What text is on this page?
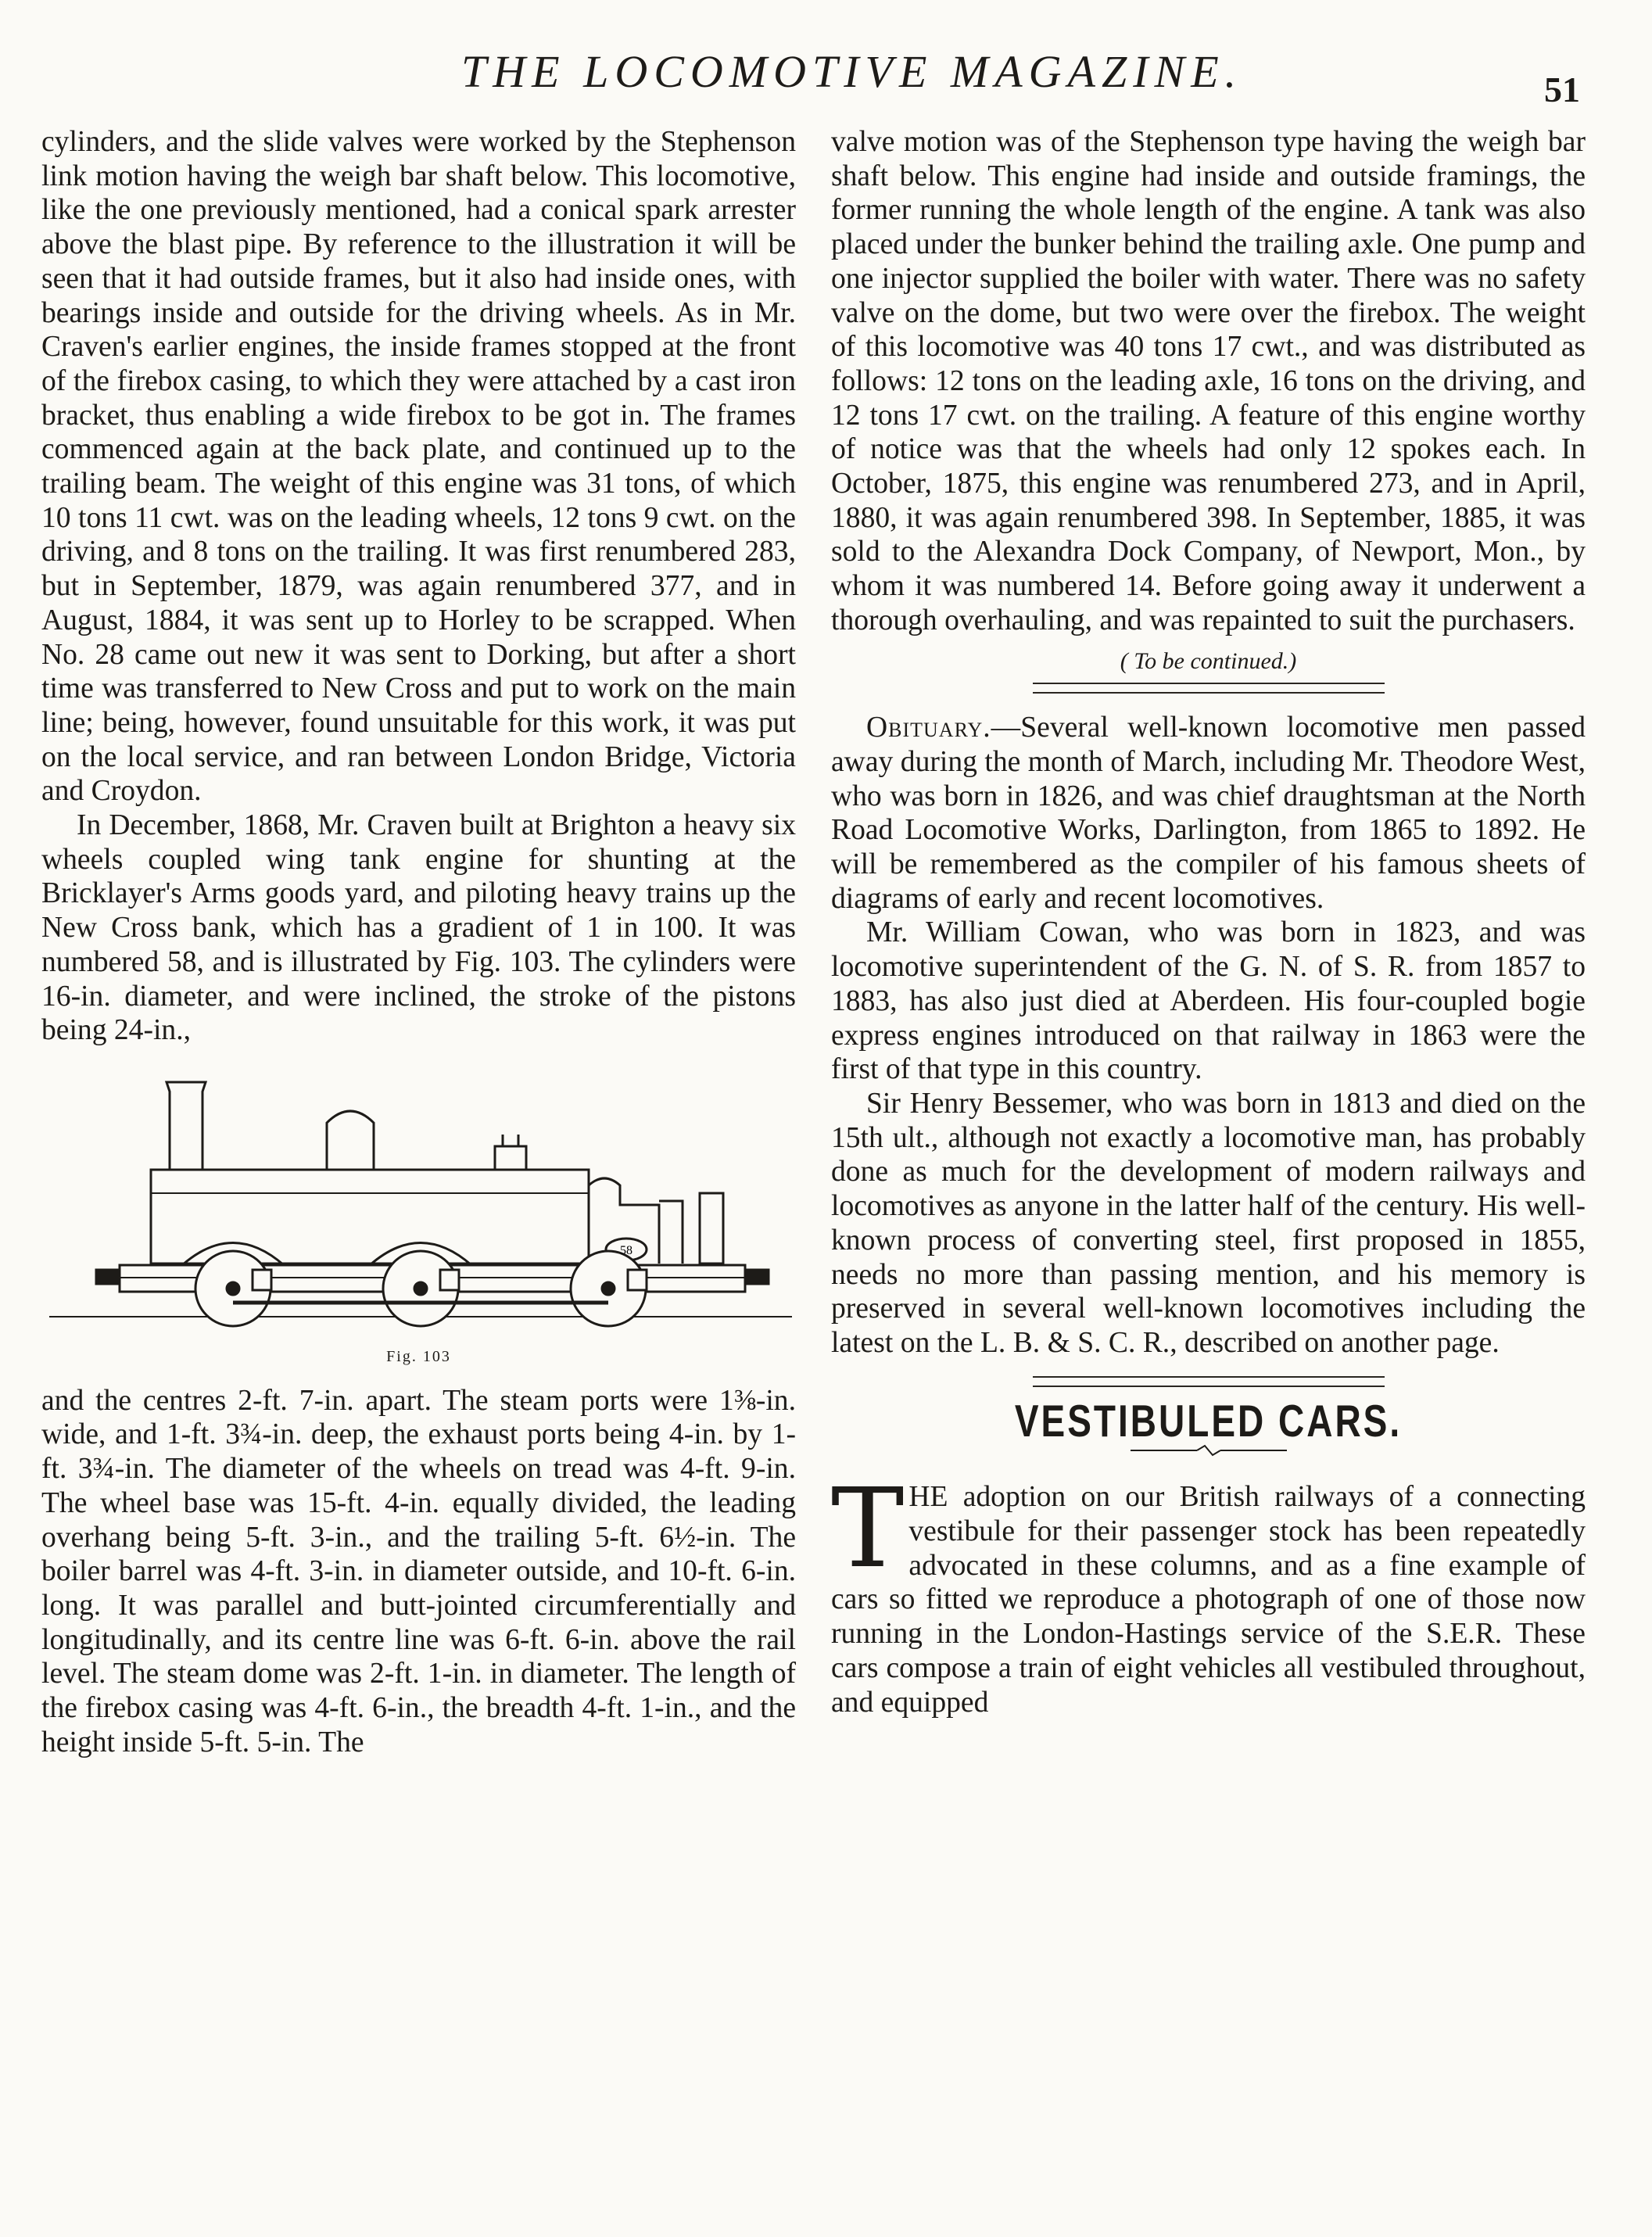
THE LOCOMOTIVE MAGAZINE.	51

cylinders, and the slide valves were worked by the Stephenson link motion having the weigh bar shaft below. This locomotive, like the one previously mentioned, had a conical spark arrester above the blast pipe. By reference to the illustration it will be seen that it had outside frames, but it also had inside ones, with bearings inside and outside for the driving wheels. As in Mr. Craven's earlier engines, the inside frames stopped at the front of the firebox casing, to which they were attached by a cast iron bracket, thus enabling a wide firebox to be got in. The frames commenced again at the back plate, and continued up to the trailing beam. The weight of this engine was 31 tons, of which 10 tons 11 cwt. was on the leading wheels, 12 tons 9 cwt. on the driving, and 8 tons on the trailing. It was first renumbered 283, but in September, 1879, was again renumbered 377, and in August, 1884, it was sent up to Horley to be scrapped. When No. 28 came out new it was sent to Dorking, but after a short time was transferred to New Cross and put to work on the main line; being, however, found unsuitable for this work, it was put on the local service, and ran between London Bridge, Victoria and Croydon.

In December, 1868, Mr. Craven built at Brighton a heavy six wheels coupled wing tank engine for shunting at the Bricklayer's Arms goods yard, and piloting heavy trains up the New Cross bank, which has a gradient of 1 in 100. It was numbered 58, and is illustrated by Fig. 103. The cylinders were 16-in. diameter, and were inclined, the stroke of the pistons being 24-in.,

58
Fig. 103

and the centres 2-ft. 7-in. apart. The steam ports were 1⅜-in. wide, and 1-ft. 3¾-in. deep, the exhaust ports being 4-in. by 1-ft. 3¾-in. The diameter of the wheels on tread was 4-ft. 9-in. The wheel base was 15-ft. 4-in. equally divided, the leading overhang being 5-ft. 3-in., and the trailing 5-ft. 6½-in. The boiler barrel was 4-ft. 3-in. in diameter outside, and 10-ft. 6-in. long. It was parallel and butt-jointed circumferentially and longitudinally, and its centre line was 6-ft. 6-in. above the rail level. The steam dome was 2-ft. 1-in. in diameter. The length of the firebox casing was 4-ft. 6-in., the breadth 4-ft. 1-in., and the height inside 5-ft. 5-in. The

valve motion was of the Stephenson type having the weigh bar shaft below. This engine had inside and outside framings, the former running the whole length of the engine. A tank was also placed under the bunker behind the trailing axle. One pump and one injector supplied the boiler with water. There was no safety valve on the dome, but two were over the firebox. The weight of this locomotive was 40 tons 17 cwt., and was distributed as follows: 12 tons on the leading axle, 16 tons on the driving, and 12 tons 17 cwt. on the trailing. A feature of this engine worthy of notice was that the wheels had only 12 spokes each. In October, 1875, this engine was renumbered 273, and in April, 1880, it was again renumbered 398. In September, 1885, it was sold to the Alexandra Dock Company, of Newport, Mon., by whom it was numbered 14. Before going away it underwent a thorough overhauling, and was repainted to suit the purchasers.

( To be continued.)

Obituary.—Several well-known locomotive men passed away during the month of March, including Mr. Theodore West, who was born in 1826, and was chief draughtsman at the North Road Locomotive Works, Darlington, from 1865 to 1892. He will be remembered as the compiler of his famous sheets of diagrams of early and recent locomotives.

Mr. William Cowan, who was born in 1823, and was locomotive superintendent of the G. N. of S. R. from 1857 to 1883, has also just died at Aberdeen. His four-coupled bogie express engines introduced on that railway in 1863 were the first of that type in this country.

Sir Henry Bessemer, who was born in 1813 and died on the 15th ult., although not exactly a locomotive man, has probably done as much for the development of modern railways and locomotives as anyone in the latter half of the century. His well-known process of converting steel, first proposed in 1855, needs no more than passing mention, and his memory is preserved in several well-known locomotives including the latest on the L. B. & S. C. R., described on another page.

VESTIBULED CARS.

THE adoption on our British railways of a connecting vestibule for their passenger stock has been repeatedly advocated in these columns, and as a fine example of cars so fitted we reproduce a photograph of one of those now running in the London-Hastings service of the S.E.R. These cars compose a train of eight vehicles all vestibuled throughout, and equipped
